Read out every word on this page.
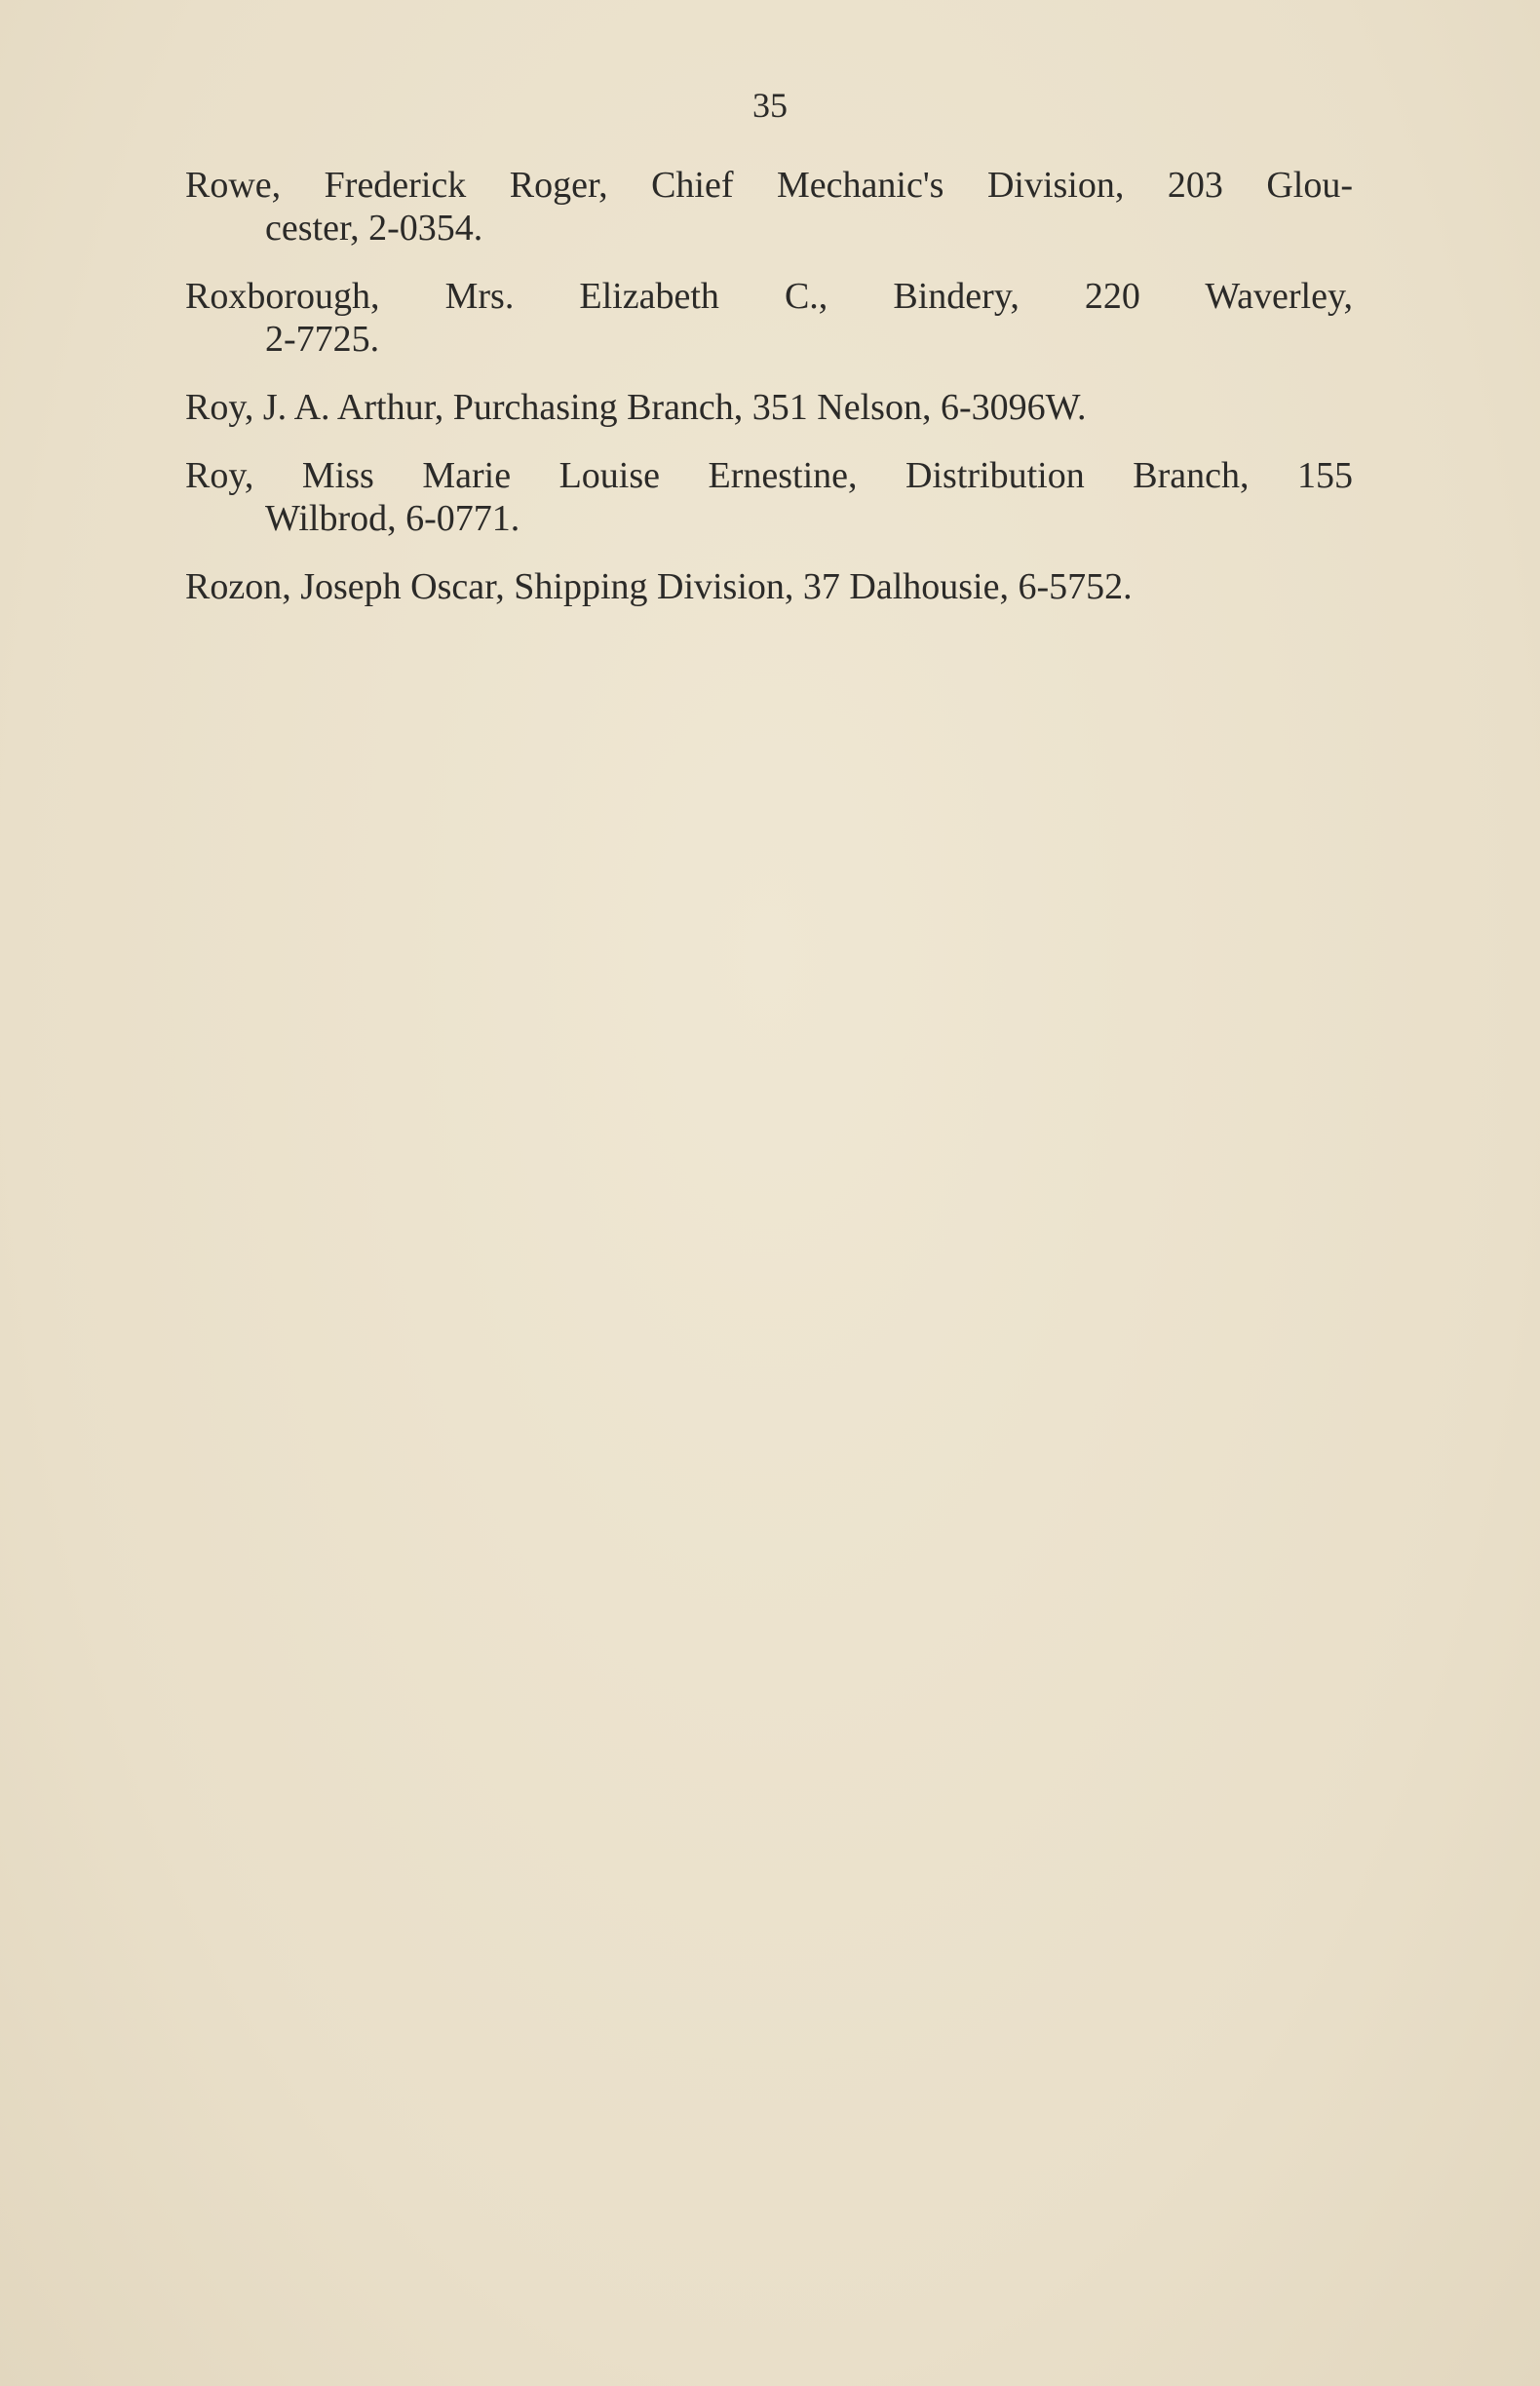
35
Rowe, Frederick Roger, Chief Mechanic's Division, 203 Glou-
cester, 2-0354.
Roxborough, Mrs. Elizabeth C., Bindery, 220 Waverley,
2-7725.
Roy, J. A. Arthur, Purchasing Branch, 351 Nelson, 6-3096W.
Roy, Miss Marie Louise Ernestine, Distribution Branch, 155
Wilbrod, 6-0771.
Rozon, Joseph Oscar, Shipping Division, 37 Dalhousie, 6-5752.
